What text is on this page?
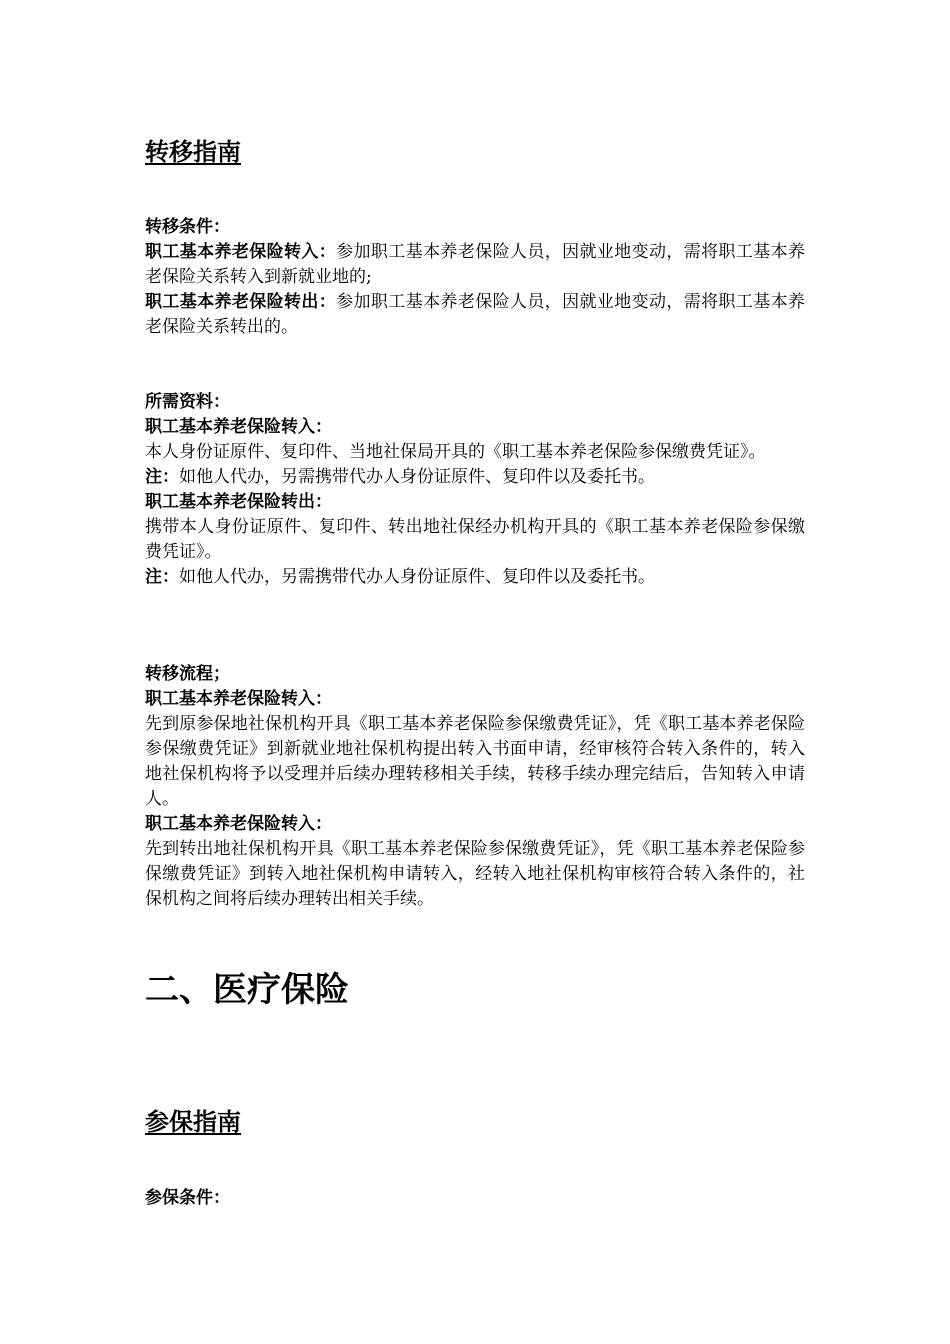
转移指南

转移条件：

职工基本养老保险转入：参加职工基本养老保险人员，因就业地变动，需将职工基本养老保险关系转入到新就业地的;

职工基本养老保险转出：参加职工基本养老保险人员，因就业地变动，需将职工基本养老保险关系转出的。

所需资料：

职工基本养老保险转入：

本人身份证原件、复印件、当地社保局开具的《职工基本养老保险参保缴费凭证》。

注：如他人代办，另需携带代办人身份证原件、复印件以及委托书。

职工基本养老保险转出：

携带本人身份证原件、复印件、转出地社保经办机构开具的《职工基本养老保险参保缴费凭证》。

注：如他人代办，另需携带代办人身份证原件、复印件以及委托书。

转移流程；

职工基本养老保险转入：

先到原参保地社保机构开具《职工基本养老保险参保缴费凭证》，凭《职工基本养老保险参保缴费凭证》到新就业地社保机构提出转入书面申请，经审核符合转入条件的，转入地社保机构将予以受理并后续办理转移相关手续，转移手续办理完结后，告知转入申请人。

职工基本养老保险转入：

先到转出地社保机构开具《职工基本养老保险参保缴费凭证》，凭《职工基本养老保险参保缴费凭证》到转入地社保机构申请转入，经转入地社保机构审核符合转入条件的，社保机构之间将后续办理转出相关手续。

二、医疗保险
参保指南

参保条件：
